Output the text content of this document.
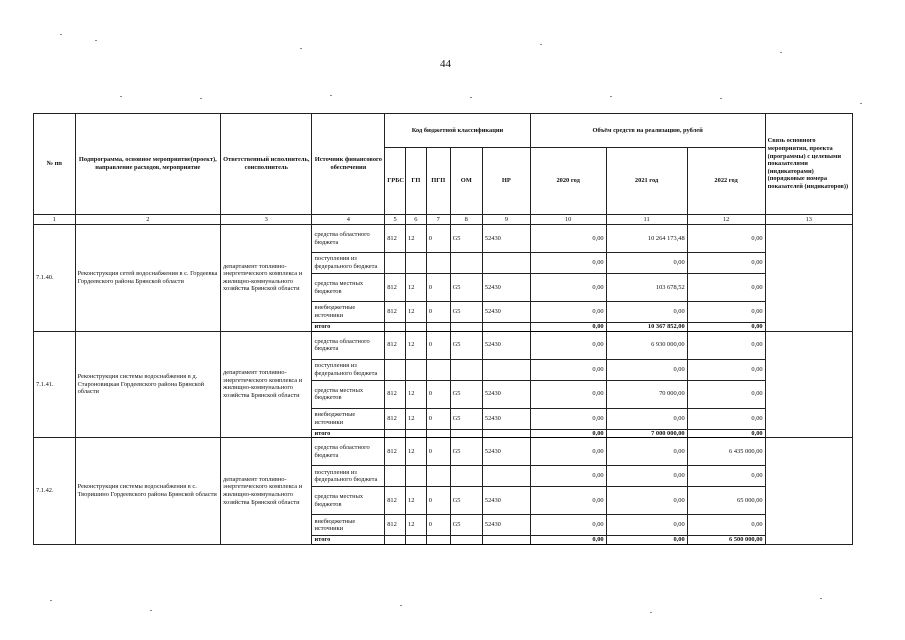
44
№ пп	Подпрограмма, основное мероприятие(проект), направление расходов, мероприятие	Ответственный исполнитель, соисполнитель	Источник финансового обеспечения	Код бюджетной классификации					Объём средств на реализацию, рублей			Связь основного мероприятия, проекта (программы) с целевыми показателями (индикаторами) (порядковые номера показателей (индикаторов))
				ГРБС	ГП	ПГП	ОМ	НР	2020 год	2021 год	2022 год	
1	2	3	4	5	6	7	8	9	10	11	12	13
7.1.40.	Реконструкция сетей водоснабжения в с. Гордеевка Гордеевского района Брянской области	департамент топливно-энергетического комплекса и жилищно-коммунального хозяйства Брянской области	средства областного бюджета	812	12	0	G5	52430	0,00	10 264 173,48	0,00	
			поступления из федерального бюджета						0,00	0,00	0,00	
			средства местных бюджетов	812	12	0	G5	52430	0,00	103 678,52	0,00	
			внебюджетные источники	812	12	0	G5	52430	0,00	0,00	0,00	
			итого						0,00	10 367 852,00	0,00	
7.1.41.	Реконструкция системы водоснабжения в д. Староновицкая Гордеевского района Брянской области	департамент топливно-энергетического комплекса и жилищно-коммунального хозяйства Брянской области	средства областного бюджета	812	12	0	G5	52430	0,00	6 930 000,00	0,00	
			поступления из федерального бюджета						0,00	0,00	0,00	
			средства местных бюджетов	812	12	0	G5	52430	0,00	70 000,00	0,00	
			внебюджетные источники	812	12	0	G5	52430	0,00	0,00	0,00	
			итого						0,00	7 000 000,00	0,00	
7.1.42.	Реконструкция системы водоснабжения в с. Творишино Гордеевского района Брянской области	департамент топливно-энергетического комплекса и жилищно-коммунального хозяйства Брянской области	средства областного бюджета	812	12	0	G5	52430	0,00	0,00	6 435 000,00	
			поступления из федерального бюджета						0,00	0,00	0,00	
			средства местных бюджетов	812	12	0	G5	52430	0,00	0,00	65 000,00	
			внебюджетные источники	812	12	0	G5	52430	0,00	0,00	0,00	
			итого						0,00	0,00	6 500 000,00	
